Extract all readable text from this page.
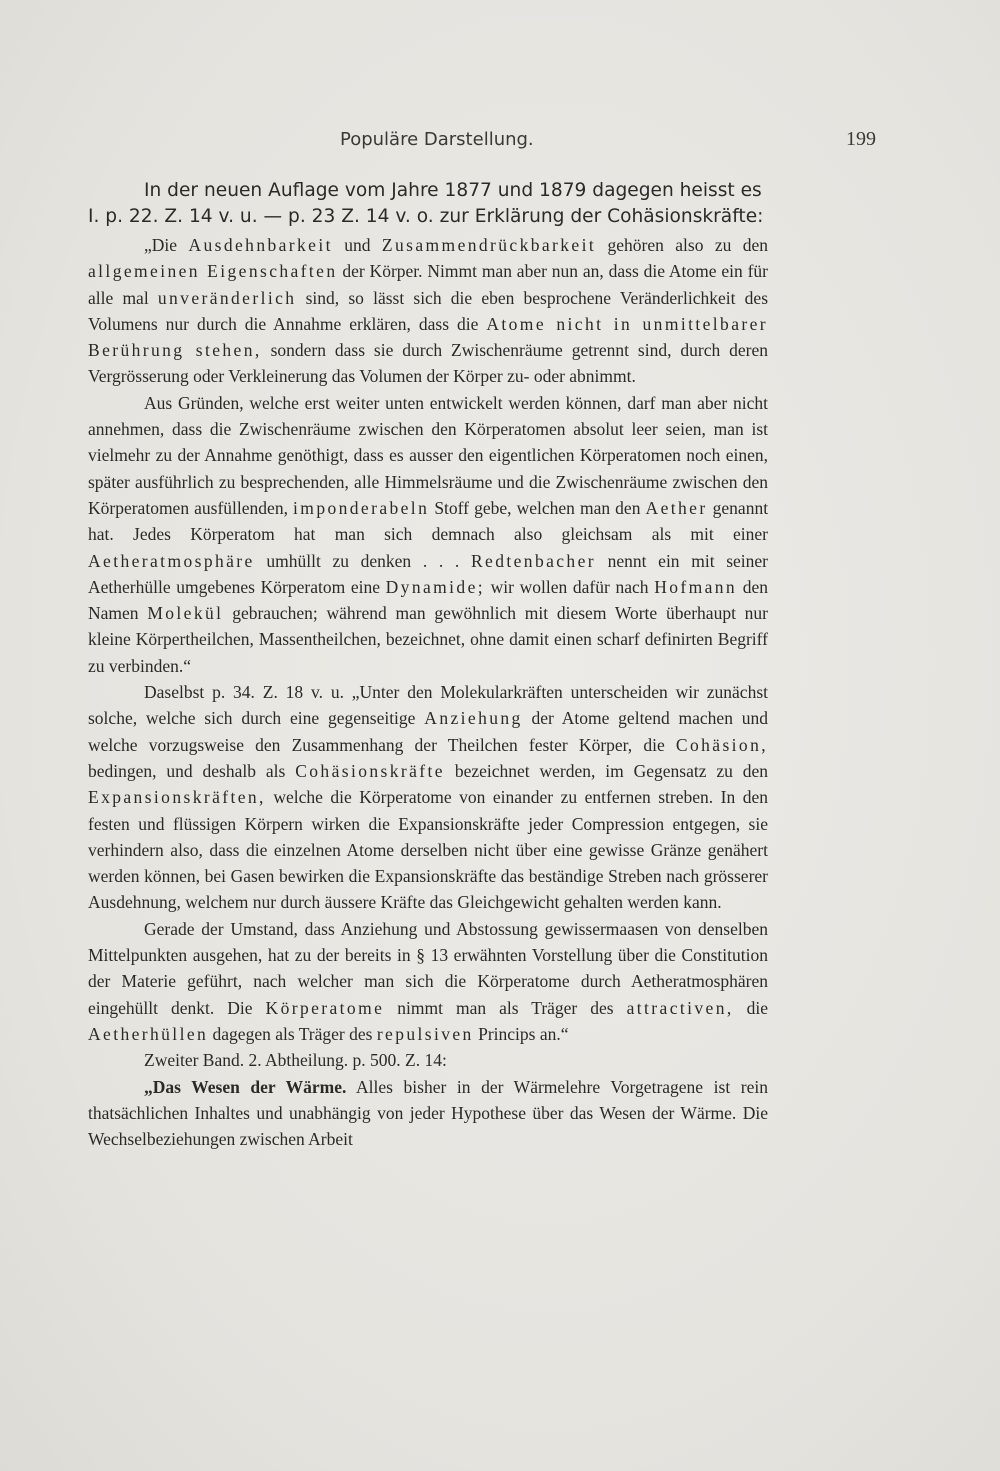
Populäre Darstellung.	199
In der neuen Auflage vom Jahre 1877 und 1879 dagegen heisst es
I. p. 22. Z. 14 v. u. — p. 23 Z. 14 v. o. zur Erklärung der Cohäsionskräfte:

„Die Ausdehnbarkeit und Zusammendrückbarkeit gehören also zu den allgemeinen Eigenschaften der Körper. Nimmt man aber nun an, dass die Atome ein für alle mal unveränderlich sind, so lässt sich die eben besprochene Veränderlichkeit des Volumens nur durch die Annahme erklären, dass die Atome nicht in unmittelbarer Berührung stehen, sondern dass sie durch Zwischenräume getrennt sind, durch deren Vergrösserung oder Verkleinerung das Volumen der Körper zu- oder abnimmt.

Aus Gründen, welche erst weiter unten entwickelt werden können, darf man aber nicht annehmen, dass die Zwischenräume zwischen den Körperatomen absolut leer seien, man ist vielmehr zu der Annahme genöthigt, dass es ausser den eigentlichen Körperatomen noch einen, später ausführlich zu besprechenden, alle Himmelsräume und die Zwischenräume zwischen den Körperatomen ausfüllenden, imponderabeln Stoff gebe, welchen man den Aether genannt hat. Jedes Körperatom hat man sich demnach also gleichsam als mit einer Aetheratmosphäre umhüllt zu denken . . . Redtenbacher nennt ein mit seiner Aetherhülle umgebenes Körperatom eine Dynamide; wir wollen dafür nach Hofmann den Namen Molekül gebrauchen; während man gewöhnlich mit diesem Worte überhaupt nur kleine Körpertheilchen, Massentheilchen, bezeichnet, ohne damit einen scharf definirten Begriff zu verbinden.“

Daselbst p. 34. Z. 18 v. u. „Unter den Molekularkräften unterscheiden wir zunächst solche, welche sich durch eine gegenseitige Anziehung der Atome geltend machen und welche vorzugsweise den Zusammenhang der Theilchen fester Körper, die Cohäsion, bedingen, und deshalb als Cohäsionskräfte bezeichnet werden, im Gegensatz zu den Expansionskräften, welche die Körperatome von einander zu entfernen streben. In den festen und flüssigen Körpern wirken die Expansionskräfte jeder Compression entgegen, sie verhindern also, dass die einzelnen Atome derselben nicht über eine gewisse Gränze genähert werden können, bei Gasen bewirken die Expansionskräfte das beständige Streben nach grösserer Ausdehnung, welchem nur durch äussere Kräfte das Gleichgewicht gehalten werden kann.

Gerade der Umstand, dass Anziehung und Abstossung gewissermaasen von denselben Mittelpunkten ausgehen, hat zu der bereits in § 13 erwähnten Vorstellung über die Constitution der Materie geführt, nach welcher man sich die Körperatome durch Aetheratmosphären eingehüllt denkt. Die Körperatome nimmt man als Träger des attractiven, die Aetherhüllen dagegen als Träger des repulsiven Princips an.“

Zweiter Band. 2. Abtheilung. p. 500. Z. 14:

„Das Wesen der Wärme. Alles bisher in der Wärmelehre Vorgetragene ist rein thatsächlichen Inhaltes und unabhängig von jeder Hypothese über das Wesen der Wärme. Die Wechselbeziehungen zwischen Arbeit
